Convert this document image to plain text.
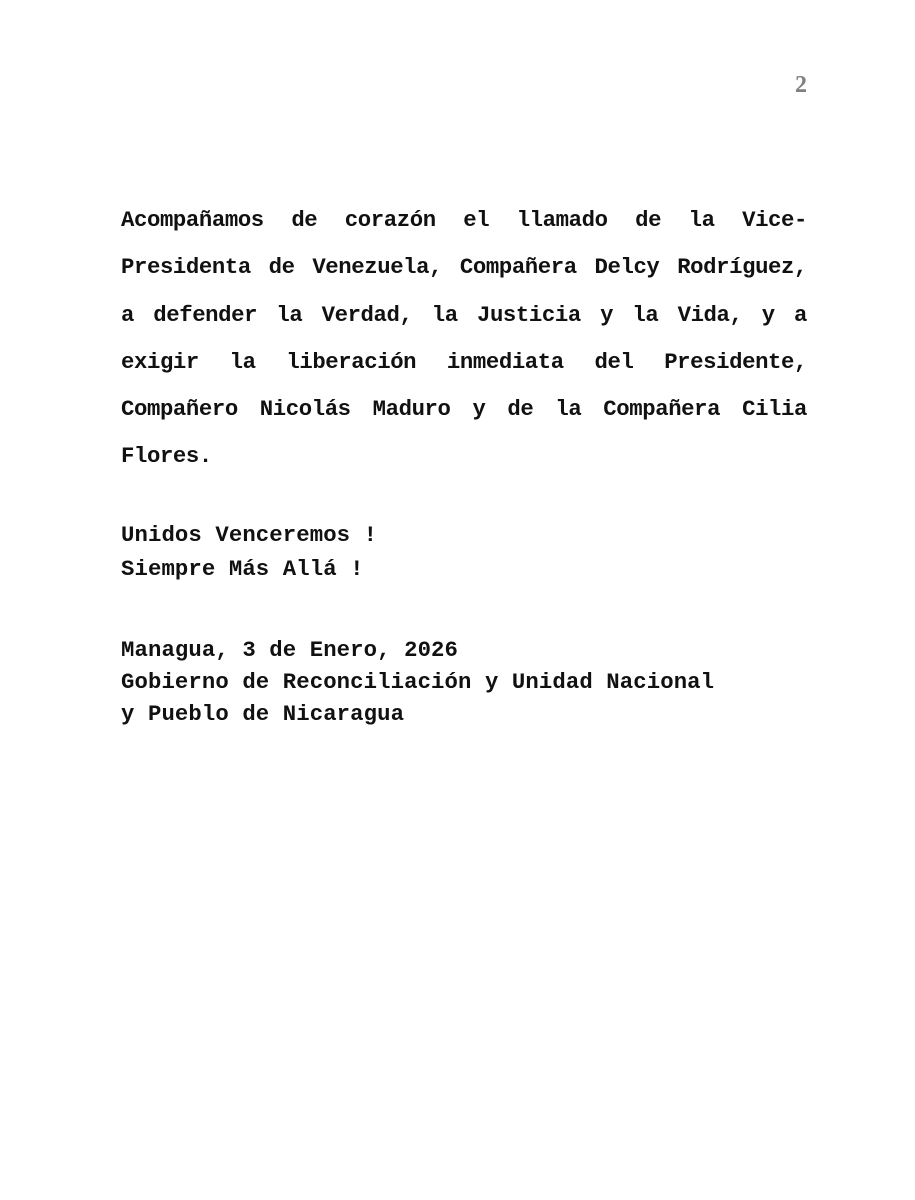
2

Acompañamos de corazón el llamado de la Vice-Presidenta de Venezuela, Compañera Delcy Rodríguez, a defender la Verdad, la Justicia y la Vida, y a exigir la liberación inmediata del Presidente, Compañero Nicolás Maduro y de la Compañera Cilia Flores.

Unidos Venceremos !
Siempre Más Allá !
Managua, 3 de Enero, 2026
Gobierno de Reconciliación y Unidad Nacional
y Pueblo de Nicaragua
